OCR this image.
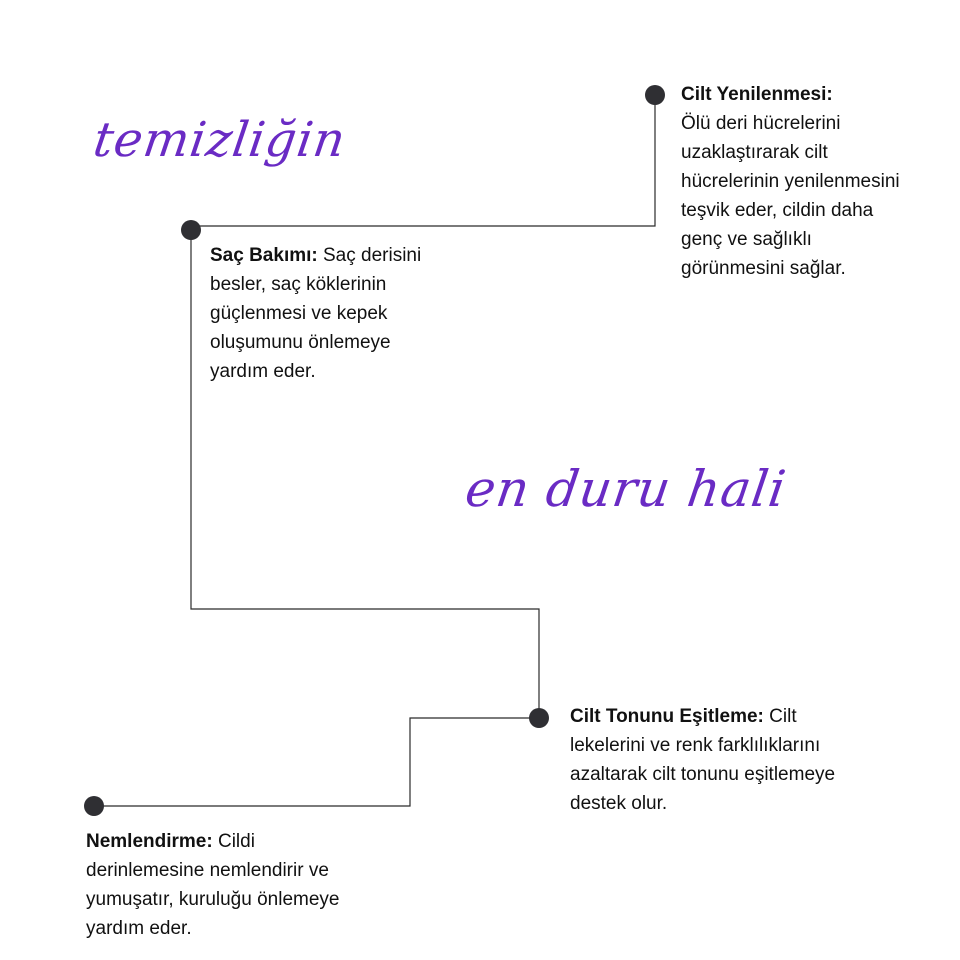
temizliğin
en duru hali
Cilt Yenilenmesi:
Ölü deri hücrelerini
uzaklaştırarak cilt
hücrelerinin yenilenmesini
teşvik eder, cildin daha
genç ve sağlıklı
görünmesini sağlar.
Saç Bakımı: Saç derisini
besler, saç köklerinin
güçlenmesi ve kepek
oluşumunu önlemeye
yardım eder.
Cilt Tonunu Eşitleme: Cilt
lekelerini ve renk farklılıklarını
azaltarak cilt tonunu eşitlemeye
destek olur.
Nemlendirme: Cildi
derinlemesine nemlendirir ve
yumuşatır, kuruluğu önlemeye
yardım eder.
